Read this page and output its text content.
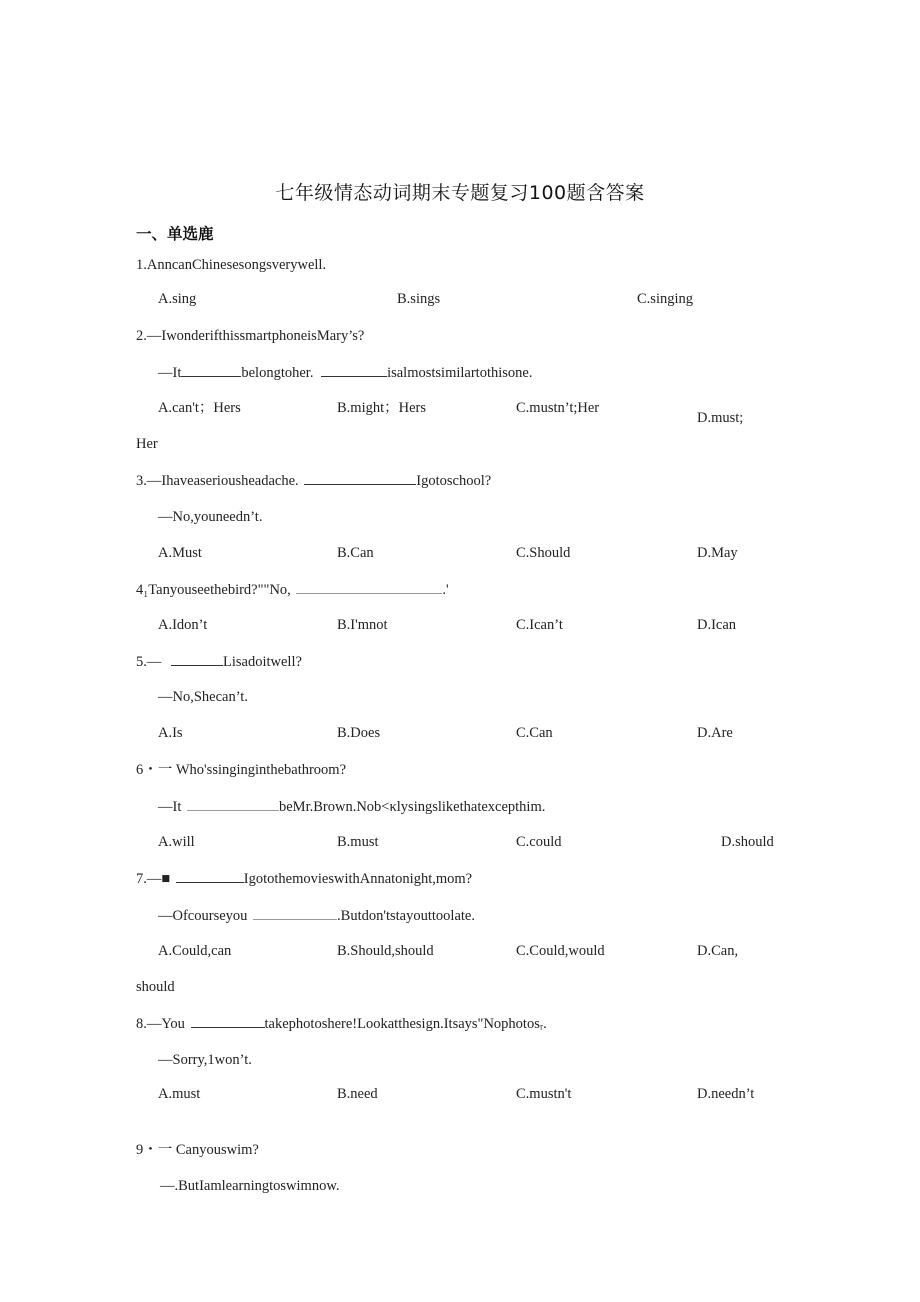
七年级情态动词期末专题复习100题含答案
一、单选鹿
1.AnncanChinesesongsverywell.
A.sing	B.sings	C.singing
2.—IwonderifthissmartphoneisMary’s?
—It	belongtoher.	isalmostsimilartothisone.
A.can't；Hers	B.might；Hers	C.mustn’t;Her
D.must;
Her
3.—Ihaveaseriousheadache.	Igotoschool?
—No,youneedn’t.
A.Must	B.Can	C.Should	D.May
4₁Tanyouseethebird?""No,	.'
A.Idon’t	B.I'mnot	C.Ican’t	D.Ican
5.—	Lisadoitwell?
—No,Shecan’t.
A.Is	B.Does	C.Can	D.Are
6・一 Who'ssinginginthebathroom?
—It	beMr.Brown.Nob<κlysingslikethatexcepthim.
A.will	B.must	C.could	D.should
7.—■	IgotothemovieswithAnnatonight,mom?
—Ofcourseyou	.Butdon'tstayouttoolate.
A.Could,can	B.Should,should	C.Could,would	D.Can,
should
8.—You	takephotoshere!Lookatthesign.Itsays"Nophotosᵣ.
—Sorry,1won’t.
A.must	B.need	C.mustn't	D.needn’t
9・一 Canyouswim?
—.ButIamlearningtoswimnow.
